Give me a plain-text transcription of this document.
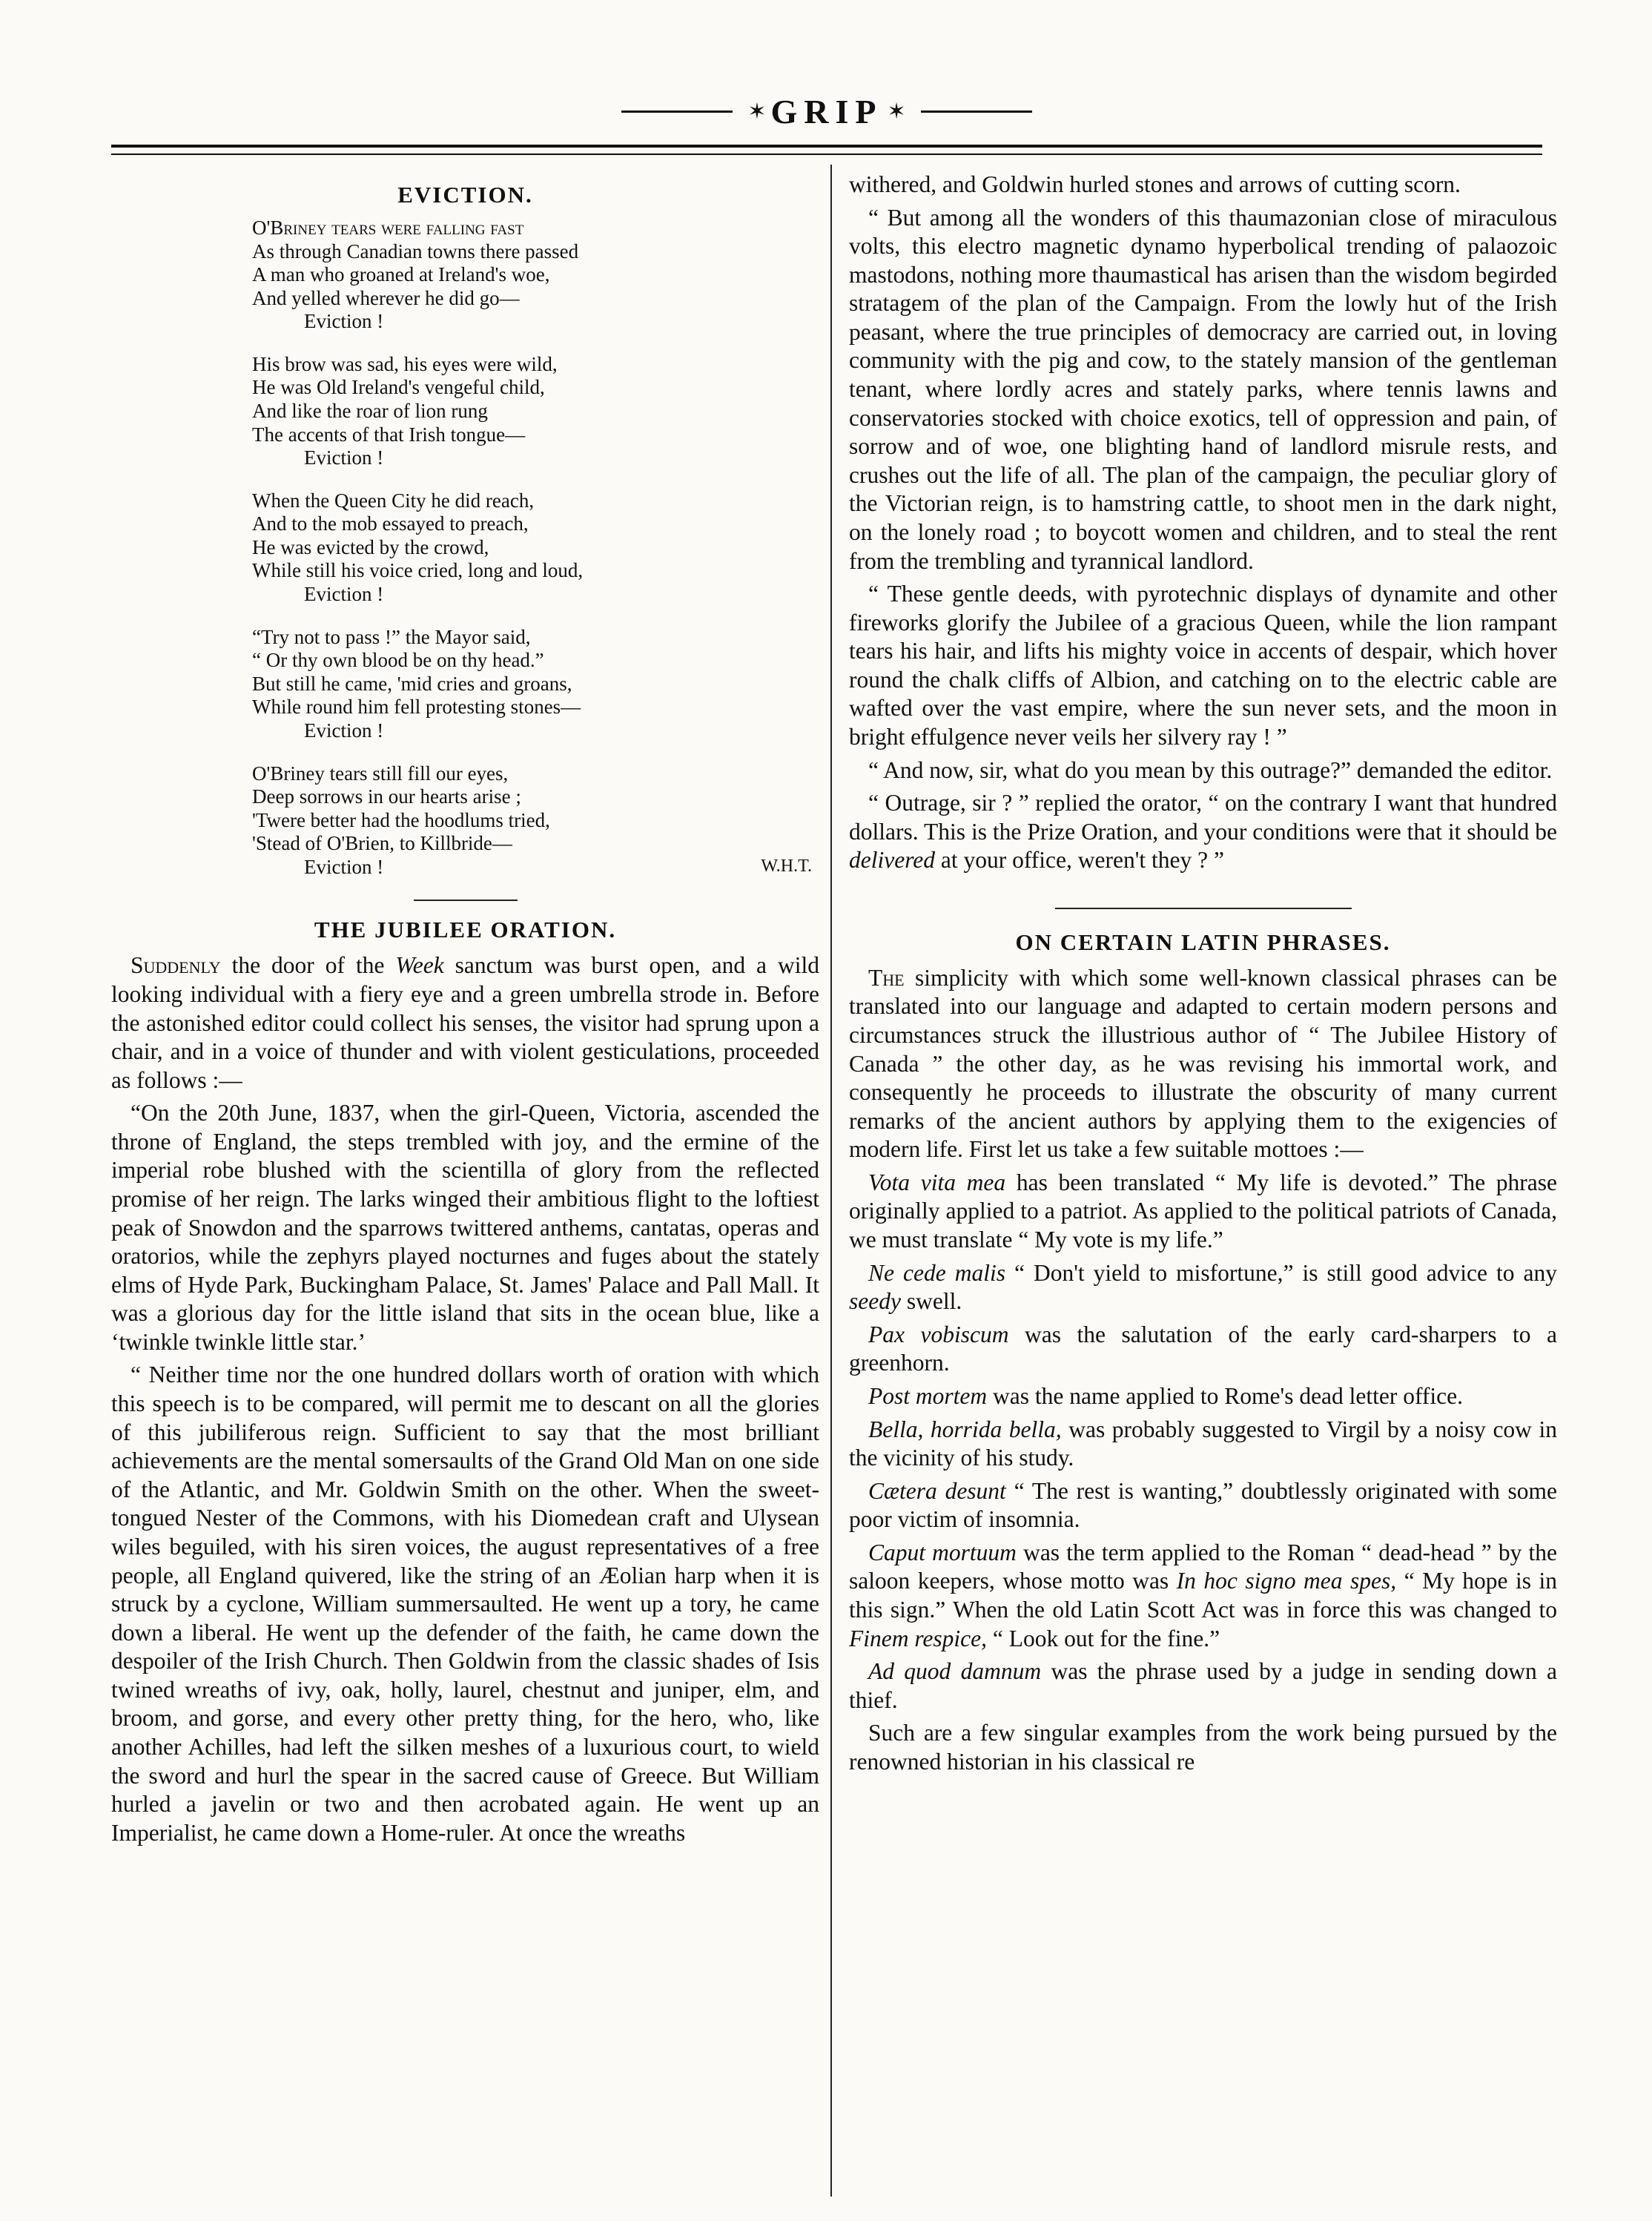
✶ GRIP ✶
EVICTION.
O'Briney tears were falling fast
As through Canadian towns there passed
A man who groaned at Ireland's woe,
And yelled wherever he did go—
Eviction !
His brow was sad, his eyes were wild,
He was Old Ireland's vengeful child,
And like the roar of lion rung
The accents of that Irish tongue—
Eviction !
When the Queen City he did reach,
And to the mob essayed to preach,
He was evicted by the crowd,
While still his voice cried, long and loud,
Eviction !
“Try not to pass !” the Mayor said,
“ Or thy own blood be on thy head.”
But still he came, 'mid cries and groans,
While round him fell protesting stones—
Eviction !
O'Briney tears still fill our eyes,
Deep sorrows in our hearts arise ;
'Twere better had the hoodlums tried,
'Stead of O'Brien, to Killbride—
Eviction !	W.H.T.
THE JUBILEE ORATION.

Suddenly the door of the Week sanctum was burst open, and a wild looking individual with a fiery eye and a green umbrella strode in. Before the astonished editor could collect his senses, the visitor had sprung upon a chair, and in a voice of thunder and with violent gesticulations, proceeded as follows :—

“On the 20th June, 1837, when the girl-Queen, Victoria, ascended the throne of England, the steps trembled with joy, and the ermine of the imperial robe blushed with the scientilla of glory from the reflected promise of her reign. The larks winged their ambitious flight to the loftiest peak of Snowdon and the sparrows twittered anthems, cantatas, operas and oratorios, while the zephyrs played nocturnes and fuges about the stately elms of Hyde Park, Buckingham Palace, St. James' Palace and Pall Mall. It was a glorious day for the little island that sits in the ocean blue, like a ‘twinkle twinkle little star.’

“ Neither time nor the one hundred dollars worth of oration with which this speech is to be compared, will permit me to descant on all the glories of this jubiliferous reign. Sufficient to say that the most brilliant achievements are the mental somersaults of the Grand Old Man on one side of the Atlantic, and Mr. Goldwin Smith on the other. When the sweet-tongued Nester of the Commons, with his Diomedean craft and Ulysean wiles beguiled, with his siren voices, the august representatives of a free people, all England quivered, like the string of an Æolian harp when it is struck by a cyclone, William summersaulted. He went up a tory, he came down a liberal. He went up the defender of the faith, he came down the despoiler of the Irish Church. Then Goldwin from the classic shades of Isis twined wreaths of ivy, oak, holly, laurel, chestnut and juniper, elm, and broom, and gorse, and every other pretty thing, for the hero, who, like another Achilles, had left the silken meshes of a luxurious court, to wield the sword and hurl the spear in the sacred cause of Greece. But William hurled a javelin or two and then acrobated again. He went up an Imperialist, he came down a Home-ruler. At once the wreaths

withered, and Goldwin hurled stones and arrows of cutting scorn.

“ But among all the wonders of this thaumazonian close of miraculous volts, this electro magnetic dynamo hyperbolical trending of palaozoic mastodons, nothing more thaumastical has arisen than the wisdom begirded stratagem of the plan of the Campaign. From the lowly hut of the Irish peasant, where the true principles of democracy are carried out, in loving community with the pig and cow, to the stately mansion of the gentleman tenant, where lordly acres and stately parks, where tennis lawns and conservatories stocked with choice exotics, tell of oppression and pain, of sorrow and of woe, one blighting hand of landlord misrule rests, and crushes out the life of all. The plan of the campaign, the peculiar glory of the Victorian reign, is to hamstring cattle, to shoot men in the dark night, on the lonely road ; to boycott women and children, and to steal the rent from the trembling and tyrannical landlord.

“ These gentle deeds, with pyrotechnic displays of dynamite and other fireworks glorify the Jubilee of a gracious Queen, while the lion rampant tears his hair, and lifts his mighty voice in accents of despair, which hover round the chalk cliffs of Albion, and catching on to the electric cable are wafted over the vast empire, where the sun never sets, and the moon in bright effulgence never veils her silvery ray ! ”

“ And now, sir, what do you mean by this outrage?” demanded the editor.

“ Outrage, sir ? ” replied the orator, “ on the contrary I want that hundred dollars. This is the Prize Oration, and your conditions were that it should be delivered at your office, weren't they ? ”

ON CERTAIN LATIN PHRASES.

The simplicity with which some well-known classical phrases can be translated into our language and adapted to certain modern persons and circumstances struck the illustrious author of “ The Jubilee History of Canada ” the other day, as he was revising his immortal work, and consequently he proceeds to illustrate the obscurity of many current remarks of the ancient authors by applying them to the exigencies of modern life. First let us take a few suitable mottoes :—

Vota vita mea has been translated “ My life is devoted.” The phrase originally applied to a patriot. As applied to the political patriots of Canada, we must translate “ My vote is my life.”

Ne cede malis “ Don't yield to misfortune,” is still good advice to any seedy swell.

Pax vobiscum was the salutation of the early card-sharpers to a greenhorn.

Post mortem was the name applied to Rome's dead letter office.

Bella, horrida bella, was probably suggested to Virgil by a noisy cow in the vicinity of his study.

Cætera desunt “ The rest is wanting,” doubtlessly originated with some poor victim of insomnia.

Caput mortuum was the term applied to the Roman “ dead-head ” by the saloon keepers, whose motto was In hoc signo mea spes, “ My hope is in this sign.” When the old Latin Scott Act was in force this was changed to Finem respice, “ Look out for the fine.”

Ad quod damnum was the phrase used by a judge in sending down a thief.

Such are a few singular examples from the work being pursued by the renowned historian in his classical re
